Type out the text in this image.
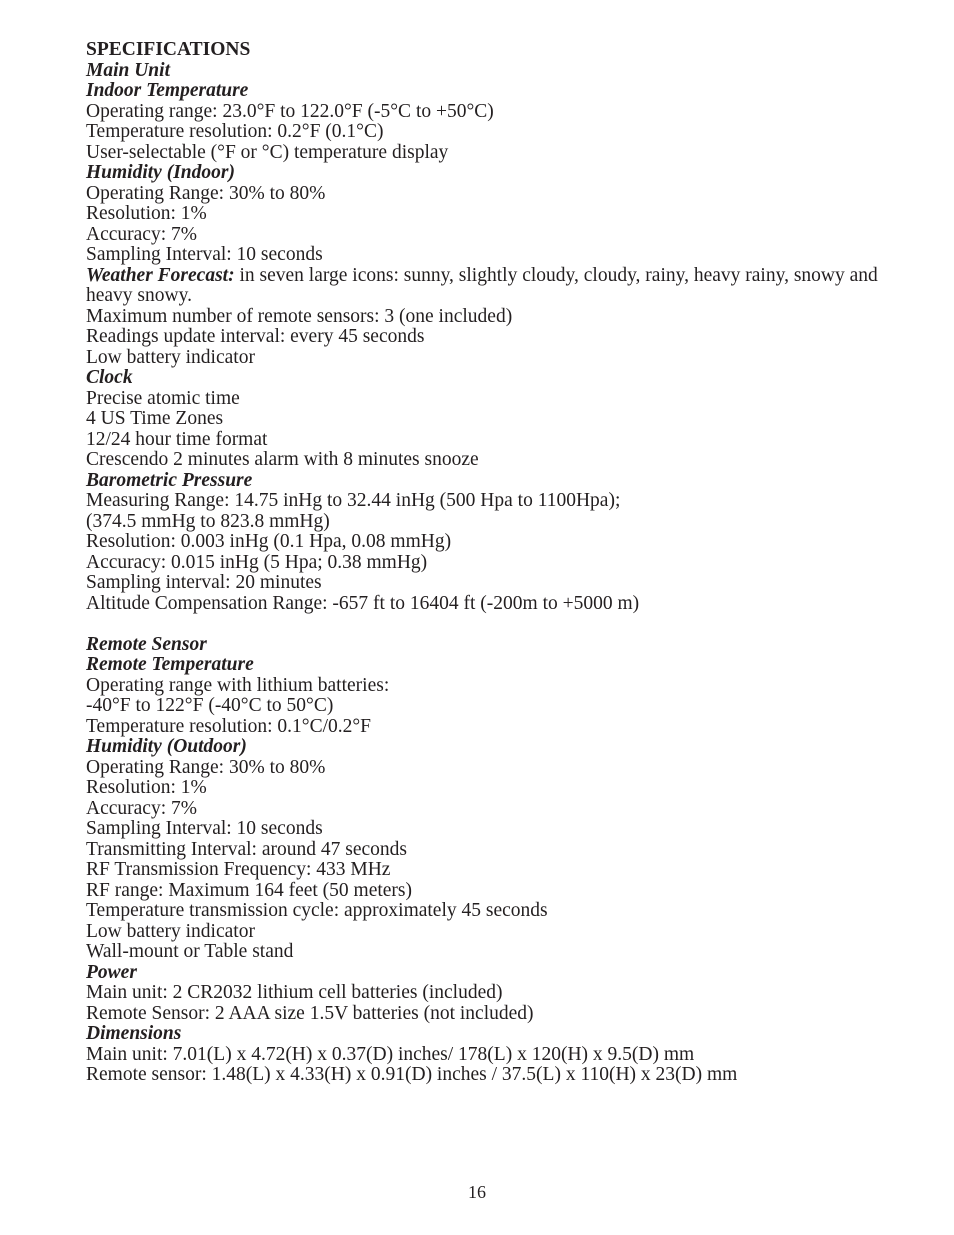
SPECIFICATIONS
Main Unit
Indoor Temperature
Operating range: 23.0°F to 122.0°F (-5°C to +50°C)
Temperature resolution: 0.2°F (0.1°C)
User-selectable (°F or °C) temperature display
Humidity (Indoor)
Operating Range: 30% to 80%
Resolution: 1%
Accuracy: 7%
Sampling Interval: 10 seconds
Weather Forecast: in seven large icons: sunny, slightly cloudy, cloudy, rainy, heavy rainy, snowy and heavy snowy.
Maximum number of remote sensors: 3 (one included)
Readings update interval: every 45 seconds
Low battery indicator
Clock
Precise atomic time
4 US Time Zones
12/24 hour time format
Crescendo 2 minutes alarm with 8 minutes snooze
Barometric Pressure
Measuring Range: 14.75 inHg to 32.44 inHg (500 Hpa to 1100Hpa);
(374.5 mmHg to 823.8 mmHg)
Resolution: 0.003 inHg (0.1 Hpa, 0.08 mmHg)
Accuracy: 0.015 inHg (5 Hpa; 0.38 mmHg)
Sampling interval: 20 minutes
Altitude Compensation Range: -657 ft to 16404 ft (-200m to +5000 m)
Remote Sensor
Remote Temperature
Operating range with lithium batteries:
-40°F to 122°F (-40°C to 50°C)
Temperature resolution: 0.1°C/0.2°F
Humidity (Outdoor)
Operating Range: 30% to 80%
Resolution: 1%
Accuracy: 7%
Sampling Interval: 10 seconds
Transmitting Interval: around 47 seconds
RF Transmission Frequency: 433 MHz
RF range: Maximum 164 feet (50 meters)
Temperature transmission cycle: approximately 45 seconds
Low battery indicator
Wall-mount or Table stand
Power
Main unit: 2 CR2032 lithium cell batteries (included)
Remote Sensor: 2 AAA size 1.5V batteries (not included)
Dimensions
Main unit: 7.01(L) x 4.72(H) x 0.37(D) inches/ 178(L) x 120(H) x 9.5(D) mm
Remote sensor: 1.48(L) x 4.33(H) x 0.91(D) inches / 37.5(L) x 110(H) x 23(D) mm
16
